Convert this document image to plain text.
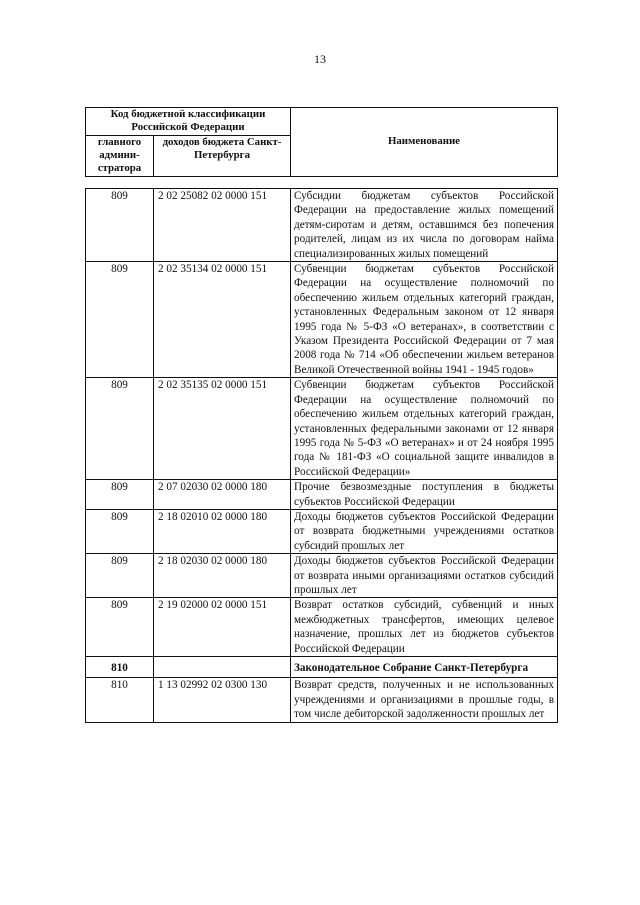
13
Код бюджетной классификации Российской Федерации		Наименование
главного админи-стратора	доходов бюджета Санкт-Петербурга	
809	2 02 25082 02 0000 151	Субсидии бюджетам субъектов Российской Федерации на предоставление жилых помещений детям-сиротам и детям, оставшимся без попечения родителей, лицам из их числа по договорам найма специализированных жилых помещений
809	2 02 35134 02 0000 151	Субвенции бюджетам субъектов Российской Федерации на осуществление полномочий по обеспечению жильем отдельных категорий граждан, установленных Федеральным законом от 12 января 1995 года № 5-ФЗ «О ветеранах», в соответствии с Указом Президента Российской Федерации от 7 мая 2008 года № 714 «Об обеспечении жильем ветеранов Великой Отечественной войны 1941 - 1945 годов»
809	2 02 35135 02 0000 151	Субвенции бюджетам субъектов Российской Федерации на осуществление полномочий по обеспечению жильем отдельных категорий граждан, установленных федеральными законами от 12 января 1995 года № 5-ФЗ «О ветеранах» и от 24 ноября 1995 года № 181-ФЗ «О социальной защите инвалидов в Российской Федерации»
809	2 07 02030 02 0000 180	Прочие безвозмездные поступления в бюджеты субъектов Российской Федерации
809	2 18 02010 02 0000 180	Доходы бюджетов субъектов Российской Федерации от возврата бюджетными учреждениями остатков субсидий прошлых лет
809	2 18 02030 02 0000 180	Доходы бюджетов субъектов Российской Федерации от возврата иными организациями остатков субсидий прошлых лет
809	2 19 02000 02 0000 151	Возврат остатков субсидий, субвенций и иных межбюджетных трансфертов, имеющих целевое назначение, прошлых лет из бюджетов субъектов Российской Федерации
810		Законодательное Собрание Санкт-Петербурга
810	1 13 02992 02 0300 130	Возврат средств, полученных и не использованных учреждениями и организациями в прошлые годы, в том числе дебиторской задолженности прошлых лет
